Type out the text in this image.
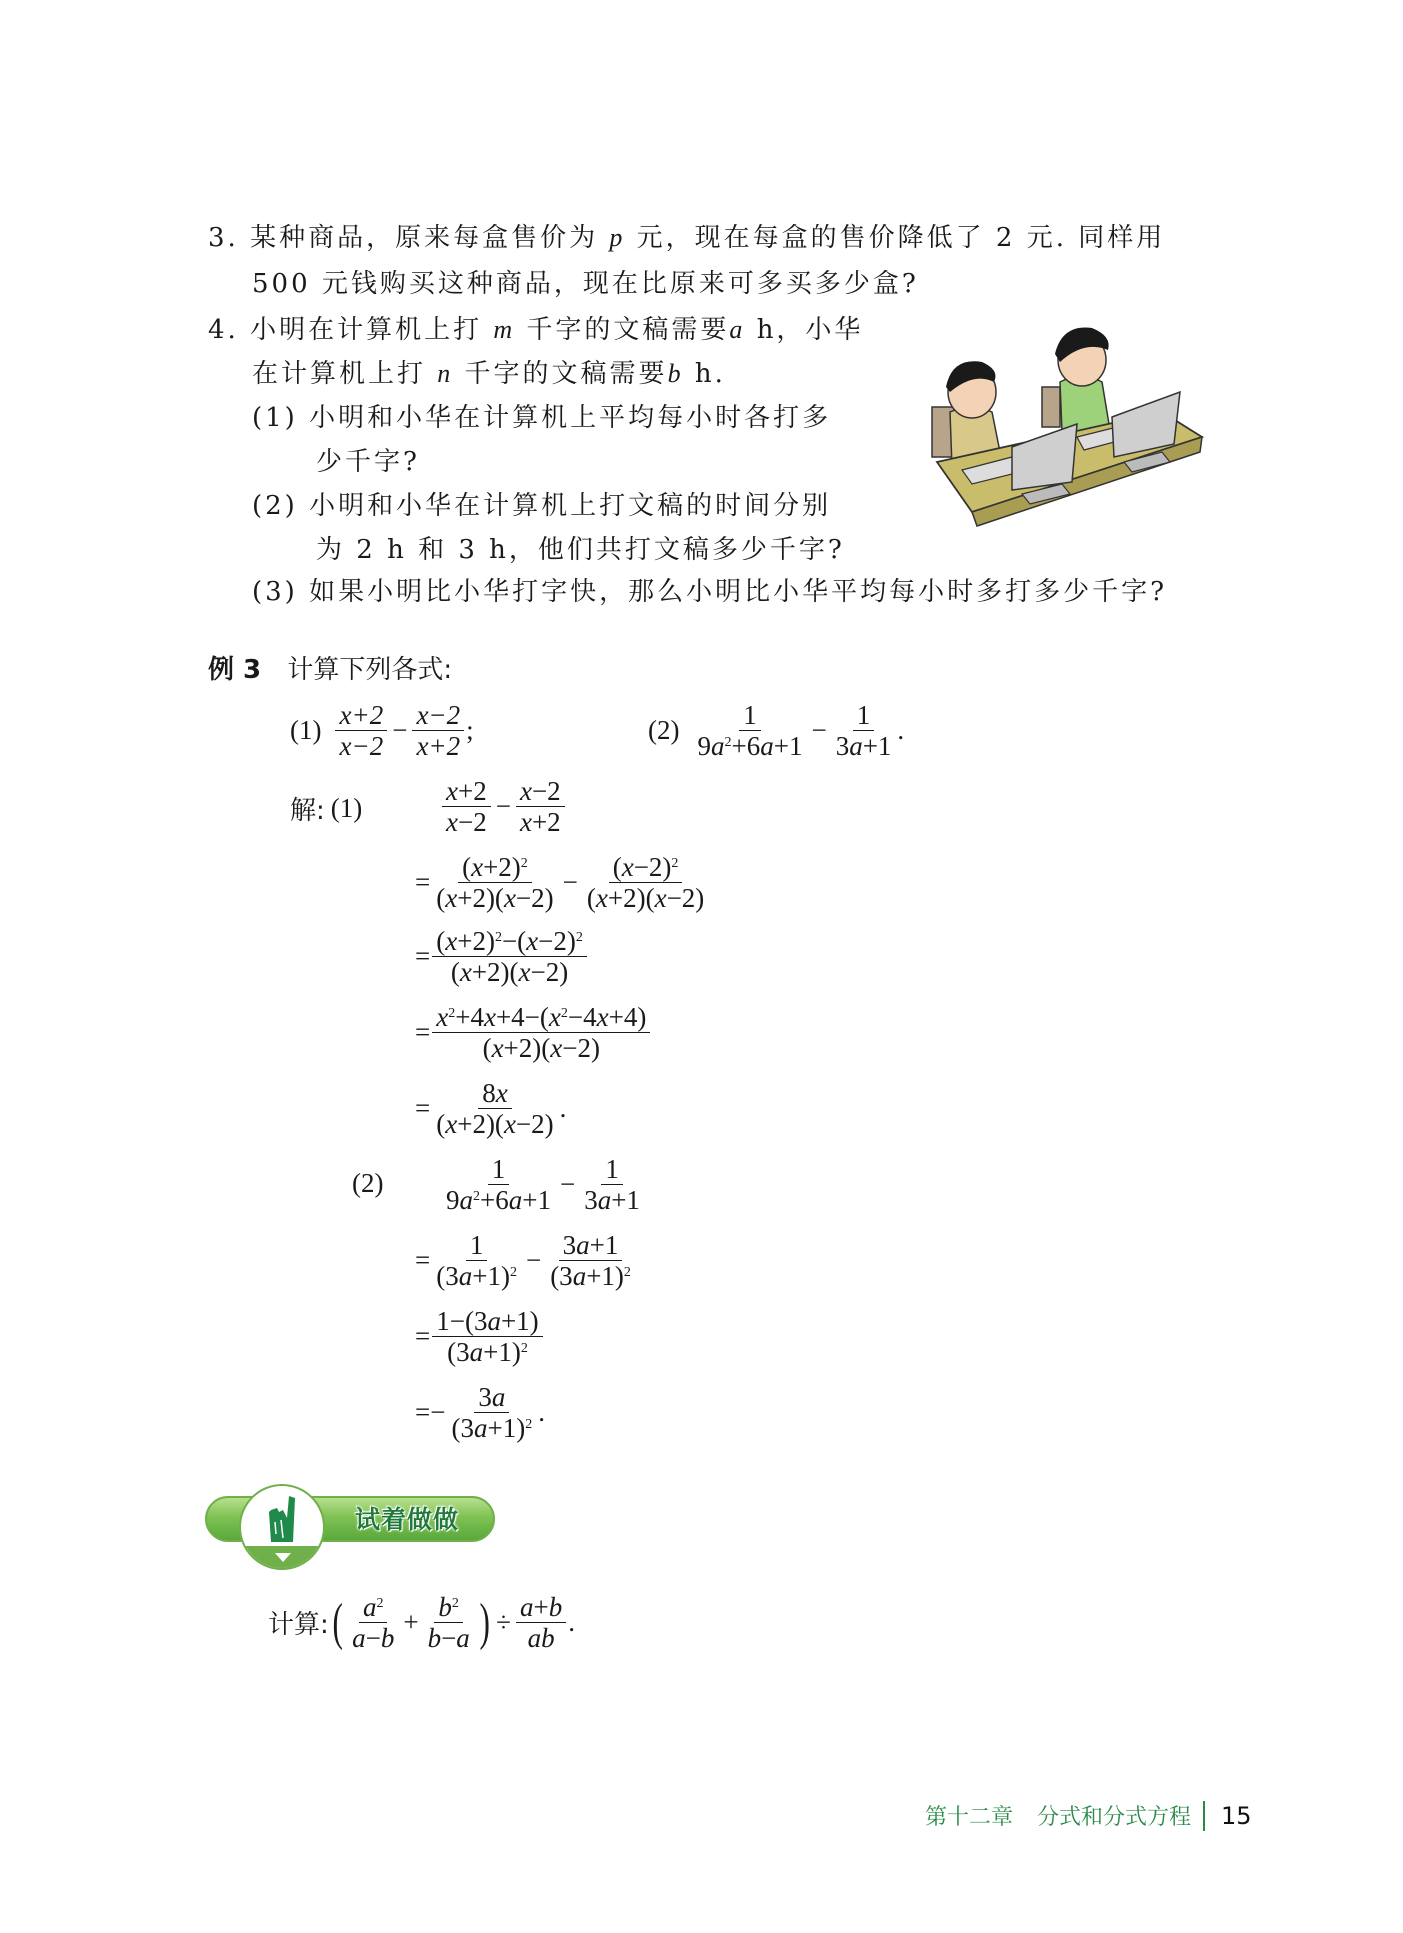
3. 某种商品，原来每盒售价为 p 元，现在每盒的售价降低了 2 元. 同样用
500 元钱购买这种商品，现在比原来可多买多少盒?
4. 小明在计算机上打 m 千字的文稿需要a h，小华
在计算机上打 n 千字的文稿需要b h.
(1) 小明和小华在计算机上平均每小时各打多
少千字?
(2) 小明和小华在计算机上打文稿的时间分别
为 2 h 和 3 h，他们共打文稿多少千字?
(3) 如果小明比小华打字快，那么小明比小华平均每小时多打多少千字?
例 3 计算下列各式:
$(1) \frac{x+2}{x-2} - \frac{x-2}{x+2}$ ;	$(2) \frac{1}{9a^2+6a+1} - \frac{1}{3a+1}$ .
解: (1)	$\frac{x+2}{x-2} - \frac{x-2}{x+2}$
= $\frac{(x+2)^2}{(x+2)(x-2)} - \frac{(x-2)^2}{(x+2)(x-2)}$
= $\frac{(x+2)^2-(x-2)^2}{(x+2)(x-2)}$
= $\frac{x^2+4x+4-(x^2-4x+4)}{(x+2)(x-2)}$
= $\frac{8x}{(x+2)(x-2)}$ .
$(2) \frac{1}{9a^2+6a+1} - \frac{1}{3a+1}$
= $\frac{1}{(3a+1)^2} - \frac{3a+1}{(3a+1)^2}$
= $\frac{1-(3a+1)}{(3a+1)^2}$
=− $\frac{3a}{(3a+1)^2}$ .
试着做做
计算: ( $\frac{a^2}{a-b} + \frac{b^2}{b-a}$ ) ÷ $\frac{a+b}{ab}$ .
第十二章 分式和分式方程 15
